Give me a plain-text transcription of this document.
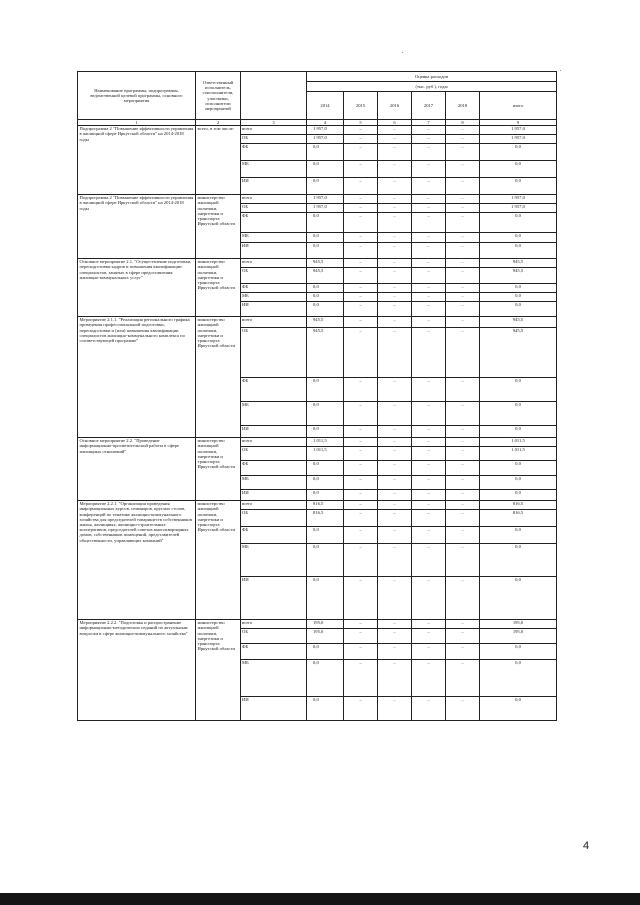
Наименование программы, подпрограммы, ведомственной целевой программы, основного мероприятия	Ответственный исполнитель, соисполнители, участники, исполнители мероприятий		Оценка расходов					
			(тыс. руб.), годы					
			2014	2015	2016	2017	2018	итого
1	2	3	4	5	6	7	8	9
Подпрограмма 2 "Повышение эффективности управления в жилищной сфере Иркутской области" на 2014-2018 годы	всего, в том числе:	всего	1 957,0	–	–	–	–	1 957,0
		ОБ	1 957,0	–	–	–	–	1 957,0
		ФБ	0,0	–	–	–	–	0,0
		МБ	0,0	–	–	–	–	0,0
		ИИ	0,0	–	–	–	–	0,0
Подпрограмма 2 "Повышение эффективности управления в жилищной сфере Иркутской области" на 2014-2018 годы	министерство жилищной политики, энергетики и транспорта Иркутской области	всего	1 957,0	–	–	–	–	1 957,0
		ОБ	1 957,0	–	–	–	–	1 957,0
		ФБ	0,0	–	–	–	–	0,0
		МБ	0,0	–	–	–	–	0,0
		ИИ	0,0	–	–	–	–	0,0
Основное мероприятие 2.1. "Осуществление подготовки, переподготовки кадров и повышения квалификации специалистов, занятых в сфере предоставления жилищно-коммунальных услуг"	министерство жилищной политики, энергетики и транспорта Иркутской области	всего	945,5	–	–	–	–	945,5
		ОБ	945,5	–	–	–	–	945,5
		ФБ	0,0	–	–	–	–	0,0
		МБ	0,0	–	–	–	–	0,0
		ИИ	0,0	–	–	–	–	0,0
Мероприятие 2.1.1. "Реализация регионального графика проведения профессиональной подготовки, переподготовки и (или) повышения квалификации специалистов жилищно-коммунального комплекса по соответствующей программе"	министерство жилищной политики, энергетики и транспорта Иркутской области	всего	945,5	–	–	–	–	945,5
		ОБ	945,5	–	–	–	–	945,5
		ФБ	0,0	–	–	–	–	0,0
		МБ	0,0	–	–	–	–	0,0
		ИИ	0,0	–	–	–	–	0,0
Основное мероприятие 2.2. "Проведение информационно-просветительской работы в сфере жилищных отношений"	министерство жилищной политики, энергетики и транспорта Иркутской области	всего	1 011,5	–	–	–	–	1 011,5
		ОБ	1 011,5	–	–	–	–	1 011,5
		ФБ	0,0	–	–	–	–	0,0
		МБ	0,0	–	–	–	–	0,0
		ИИ	0,0	–	–	–	–	0,0
Мероприятие 2.2.1. "Организация проведения информационных курсов, семинаров, круглых столов, конференций по тематике жилищно-коммунального хозяйства для председателей товариществ собственников жилья, жилищных, жилищно-строительных кооперативов, председателей советов многоквартирных домов, собственников помещений, представителей общественности, управляющих компаний"	министерство жилищной политики, энергетики и транспорта Иркутской области	всего	816,5	–	–	–	–	816,5
		ОБ	816,5	–	–	–	–	816,5
		ФБ	0,0	–	–	–	–	0,0
		МБ	0,0	–	–	–	–	0,0
		ИИ	0,0	–	–	–	–	0,0
Мероприятие 2.2.2. "Подготовка и распространение информационно-методических изданий по актуальным вопросам в сфере жилищно-коммунального хозяйства"	министерство жилищной политики, энергетики и транспорта Иркутской области	всего	195,0	–	–	–	–	195,0
		ОБ	195,0	–	–	–	–	195,0
		ФБ	0,0	–	–	–	–	0,0
		МБ	0,0	–	–	–	–	0,0
		ИИ	0,0	–	–	–	–	0,0
4
